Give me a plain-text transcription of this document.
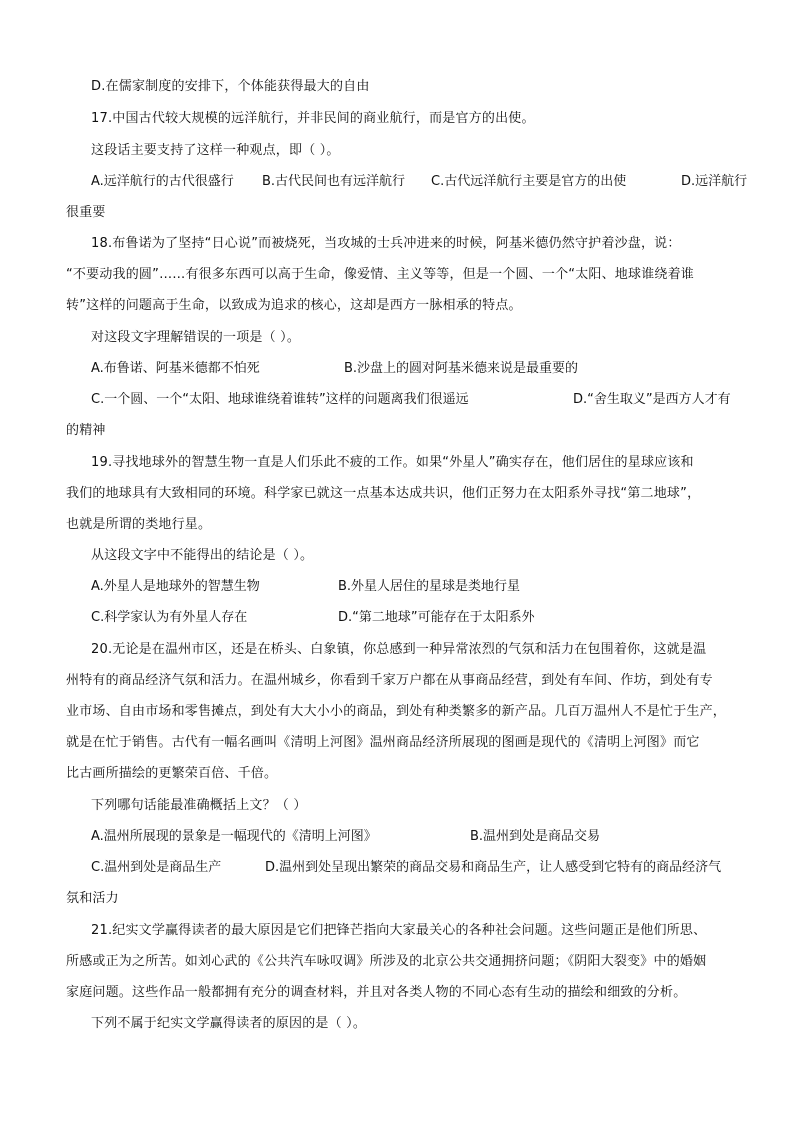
D.在儒家制度的安排下，个体能获得最大的自由
17.中国古代较大规模的远洋航行，并非民间的商业航行，而是官方的出使。
这段话主要支持了这样一种观点，即（ ）。
A.远洋航行的古代很盛行 B.古代民间也有远洋航行 C.古代远洋航行主要是官方的出使	D.远洋航行
很重要
18.布鲁诺为了坚持“日心说”而被烧死，当攻城的士兵冲进来的时候，阿基米德仍然守护着沙盘，说：
“不要动我的圆”……有很多东西可以高于生命，像爱情、主义等等，但是一个圆、一个“太阳、地球谁绕着谁
转”这样的问题高于生命，以致成为追求的核心，这却是西方一脉相承的特点。
对这段文字理解错误的一项是（ ）。
A.布鲁诺、阿基米德都不怕死	B.沙盘上的圆对阿基米德来说是最重要的
C.一个圆、一个“太阳、地球谁绕着谁转”这样的问题离我们很遥远	D.“舍生取义”是西方人才有
的精神
19.寻找地球外的智慧生物一直是人们乐此不疲的工作。如果“外星人”确实存在，他们居住的星球应该和
我们的地球具有大致相同的环境。科学家已就这一点基本达成共识，他们正努力在太阳系外寻找“第二地球”，
也就是所谓的类地行星。
从这段文字中不能得出的结论是（ ）。
A.外星人是地球外的智慧生物	B.外星人居住的星球是类地行星
C.科学家认为有外星人存在	D.“第二地球”可能存在于太阳系外
20.无论是在温州市区，还是在桥头、白象镇，你总感到一种异常浓烈的气氛和活力在包围着你，这就是温
州特有的商品经济气氛和活力。在温州城乡，你看到千家万户都在从事商品经营，到处有车间、作坊，到处有专
业市场、自由市场和零售摊点，到处有大大小小的商品，到处有种类繁多的新产品。几百万温州人不是忙于生产，
就是在忙于销售。古代有一幅名画叫《清明上河图》温州商品经济所展现的图画是现代的《清明上河图》而它
比古画所描绘的更繁荣百倍、千倍。
下列哪句话能最准确概括上文？（ ）
A.温州所展现的景象是一幅现代的《清明上河图》	B.温州到处是商品交易
C.温州到处是商品生产	D.温州到处呈现出繁荣的商品交易和商品生产，让人感受到它特有的商品经济气
氛和活力
21.纪实文学赢得读者的最大原因是它们把锋芒指向大家最关心的各种社会问题。这些问题正是他们所思、
所感或正为之所苦。如刘心武的《公共汽车咏叹调》所涉及的北京公共交通拥挤问题；《阴阳大裂变》中的婚姻
家庭问题。这些作品一般都拥有充分的调查材料，并且对各类人物的不同心态有生动的描绘和细致的分析。
下列不属于纪实文学赢得读者的原因的是（ ）。
